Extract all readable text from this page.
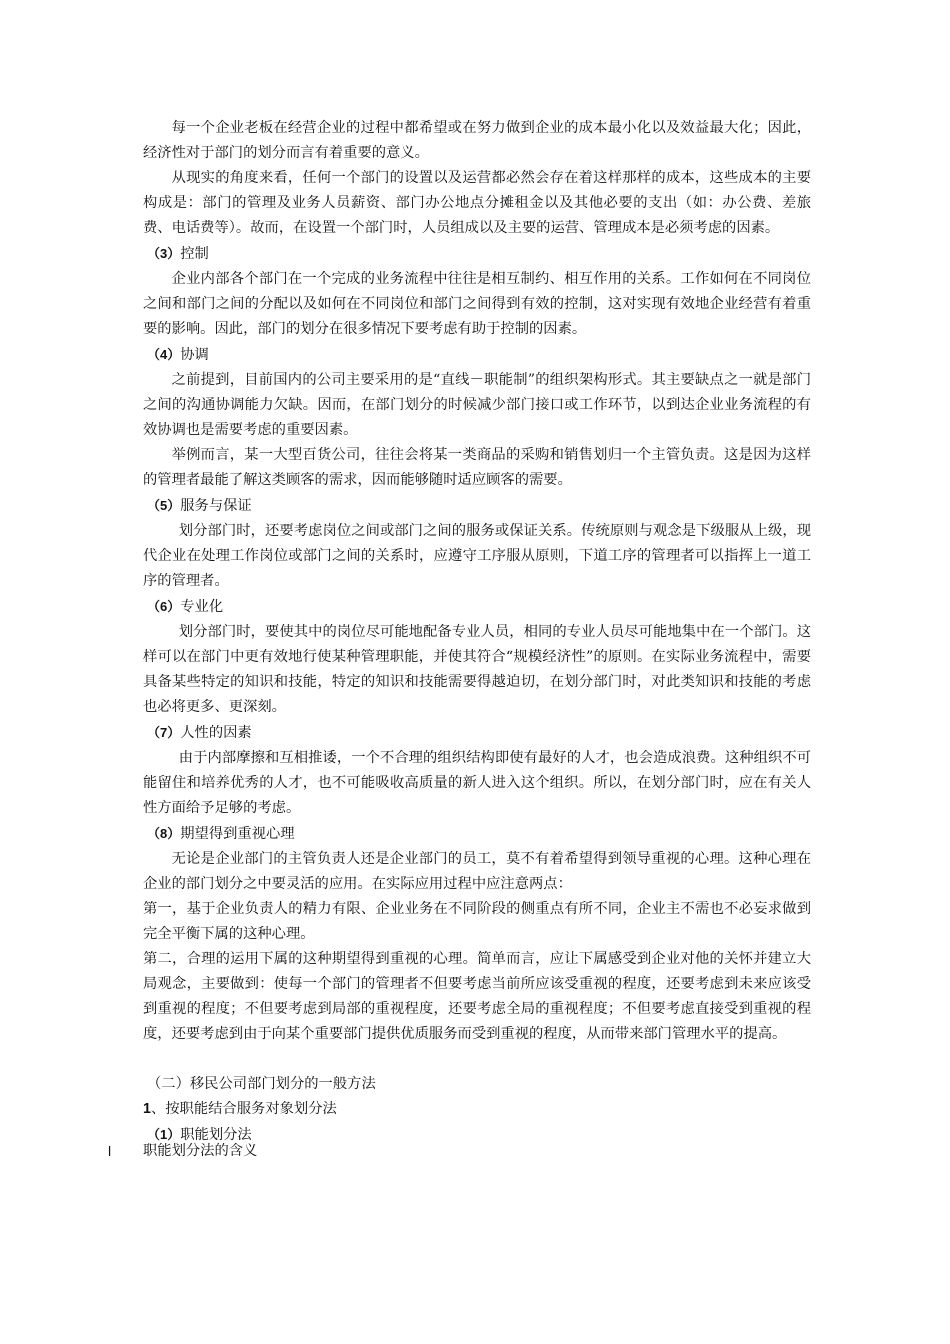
每一个企业老板在经营企业的过程中都希望或在努力做到企业的成本最小化以及效益最大化；因此，经济性对于部门的划分而言有着重要的意义。

从现实的角度来看，任何一个部门的设置以及运营都必然会存在着这样那样的成本，这些成本的主要构成是：部门的管理及业务人员薪资、部门办公地点分摊租金以及其他必要的支出（如：办公费、差旅费、电话费等）。故而，在设置一个部门时，人员组成以及主要的运营、管理成本是必须考虑的因素。

（3）控制

企业内部各个部门在一个完成的业务流程中往往是相互制约、相互作用的关系。工作如何在不同岗位之间和部门之间的分配以及如何在不同岗位和部门之间得到有效的控制，这对实现有效地企业经营有着重要的影响。因此，部门的划分在很多情况下要考虑有助于控制的因素。

（4）协调

之前提到，目前国内的公司主要采用的是“直线－职能制”的组织架构形式。其主要缺点之一就是部门之间的沟通协调能力欠缺。因而，在部门划分的时候减少部门接口或工作环节，以到达企业业务流程的有效协调也是需要考虑的重要因素。

举例而言，某一大型百货公司，往往会将某一类商品的采购和销售划归一个主管负责。这是因为这样的管理者最能了解这类顾客的需求，因而能够随时适应顾客的需要。

（5）服务与保证

划分部门时，还要考虑岗位之间或部门之间的服务或保证关系。传统原则与观念是下级服从上级，现代企业在处理工作岗位或部门之间的关系时，应遵守工序服从原则，下道工序的管理者可以指挥上一道工序的管理者。

（6）专业化

划分部门时，要使其中的岗位尽可能地配备专业人员，相同的专业人员尽可能地集中在一个部门。这样可以在部门中更有效地行使某种管理职能，并使其符合“规模经济性”的原则。在实际业务流程中，需要具备某些特定的知识和技能，特定的知识和技能需要得越迫切，在划分部门时，对此类知识和技能的考虑也必将更多、更深刻。

（7）人性的因素

由于内部摩擦和互相推诿，一个不合理的组织结构即使有最好的人才，也会造成浪费。这种组织不可能留住和培养优秀的人才，也不可能吸收高质量的新人进入这个组织。所以，在划分部门时，应在有关人性方面给予足够的考虑。

（8）期望得到重视心理

无论是企业部门的主管负责人还是企业部门的员工，莫不有着希望得到领导重视的心理。这种心理在企业的部门划分之中要灵活的应用。在实际应用过程中应注意两点：

第一，基于企业负责人的精力有限、企业业务在不同阶段的侧重点有所不同，企业主不需也不必妄求做到完全平衡下属的这种心理。

第二，合理的运用下属的这种期望得到重视的心理。简单而言，应让下属感受到企业对他的关怀并建立大局观念，主要做到：使每一个部门的管理者不但要考虑当前所应该受重视的程度，还要考虑到未来应该受到重视的程度；不但要考虑到局部的重视程度，还要考虑全局的重视程度；不但要考虑直接受到重视的程度，还要考虑到由于向某个重要部门提供优质服务而受到重视的程度，从而带来部门管理水平的提高。

（二）移民公司部门划分的一般方法

1、按职能结合服务对象划分法

（1）职能划分法

l 职能划分法的含义
